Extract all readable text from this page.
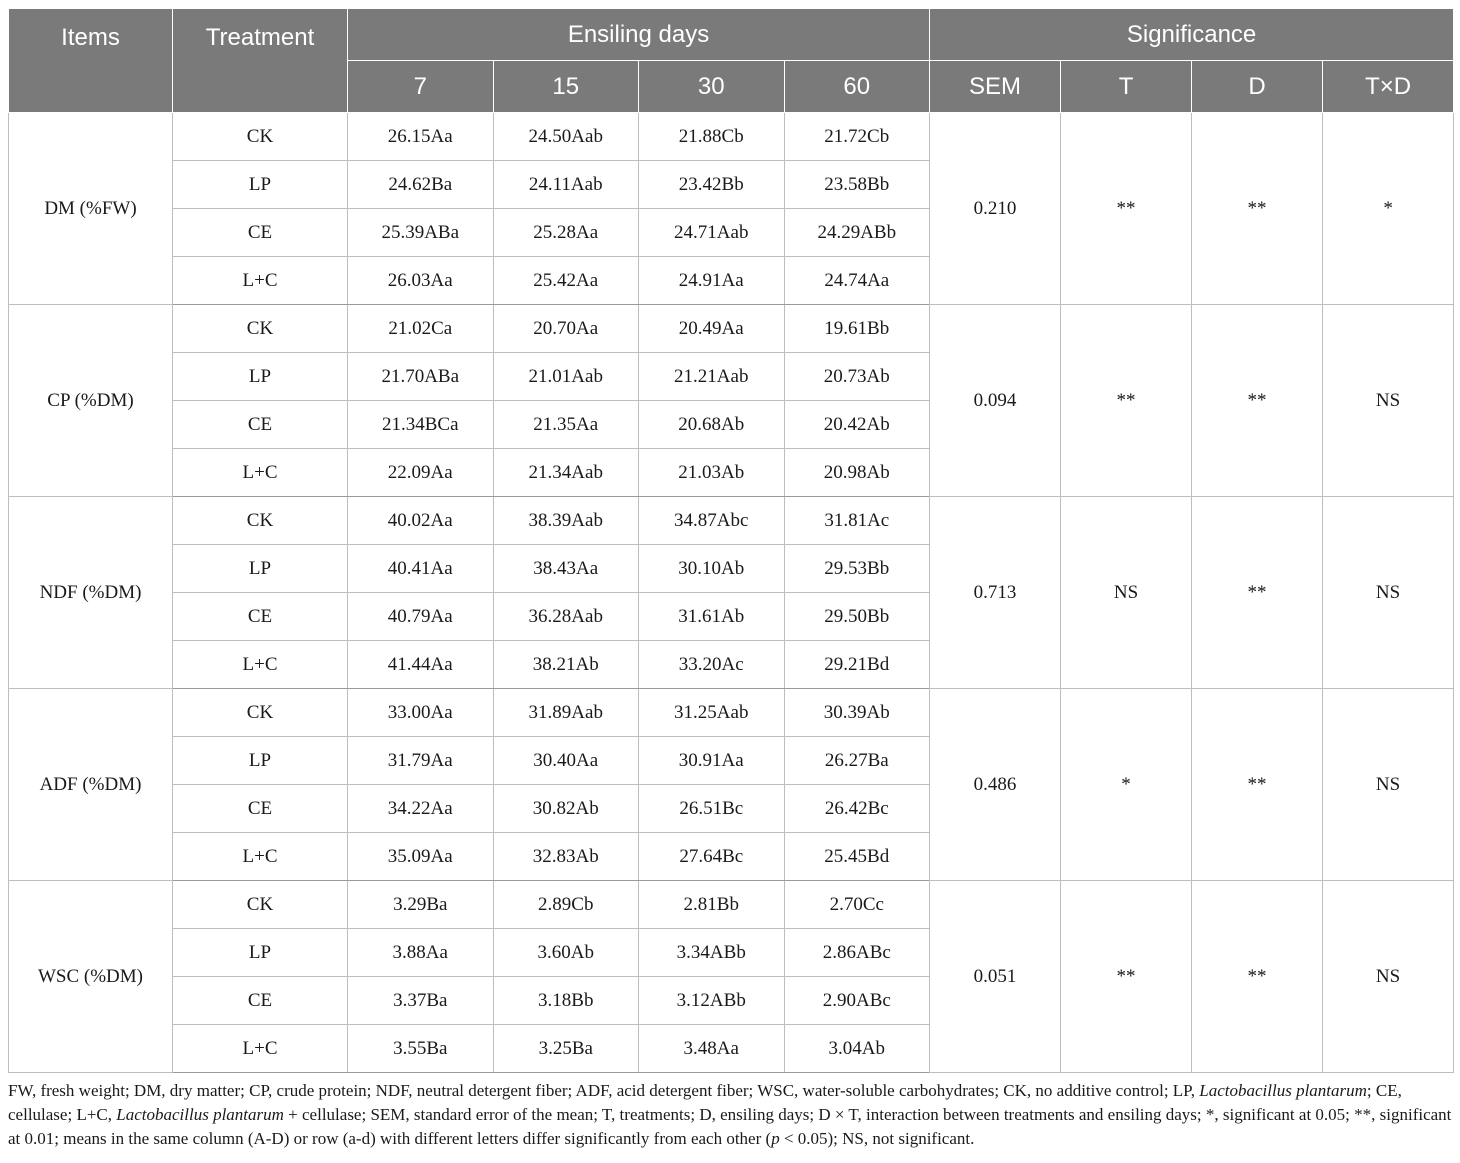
Items	Treatment	Ensiling days				Significance			
		7	15	30	60	SEM	T	D	T×D
DM (%FW)	CK	26.15Aa	24.50Aab	21.88Cb	21.72Cb	0.210	**	**	*
	LP	24.62Ba	24.11Aab	23.42Bb	23.58Bb				
	CE	25.39ABa	25.28Aa	24.71Aab	24.29ABb				
	L+C	26.03Aa	25.42Aa	24.91Aa	24.74Aa				
CP (%DM)	CK	21.02Ca	20.70Aa	20.49Aa	19.61Bb	0.094	**	**	NS
	LP	21.70ABa	21.01Aab	21.21Aab	20.73Ab				
	CE	21.34BCa	21.35Aa	20.68Ab	20.42Ab				
	L+C	22.09Aa	21.34Aab	21.03Ab	20.98Ab				
NDF (%DM)	CK	40.02Aa	38.39Aab	34.87Abc	31.81Ac	0.713	NS	**	NS
	LP	40.41Aa	38.43Aa	30.10Ab	29.53Bb				
	CE	40.79Aa	36.28Aab	31.61Ab	29.50Bb				
	L+C	41.44Aa	38.21Ab	33.20Ac	29.21Bd				
ADF (%DM)	CK	33.00Aa	31.89Aab	31.25Aab	30.39Ab	0.486	*	**	NS
	LP	31.79Aa	30.40Aa	30.91Aa	26.27Ba				
	CE	34.22Aa	30.82Ab	26.51Bc	26.42Bc				
	L+C	35.09Aa	32.83Ab	27.64Bc	25.45Bd				
WSC (%DM)	CK	3.29Ba	2.89Cb	2.81Bb	2.70Cc	0.051	**	**	NS
	LP	3.88Aa	3.60Ab	3.34ABb	2.86ABc				
	CE	3.37Ba	3.18Bb	3.12ABb	2.90ABc				
	L+C	3.55Ba	3.25Ba	3.48Aa	3.04Ab				
FW, fresh weight; DM, dry matter; CP, crude protein; NDF, neutral detergent fiber; ADF, acid detergent fiber; WSC, water-soluble carbohydrates; CK, no additive control; LP, Lactobacillus plantarum; CE, cellulase; L+C, Lactobacillus plantarum + cellulase; SEM, standard error of the mean; T, treatments; D, ensiling days; D × T, interaction between treatments and ensiling days; *, significant at 0.05; **, significant at 0.01; means in the same column (A-D) or row (a-d) with different letters differ significantly from each other (p < 0.05); NS, not significant.
